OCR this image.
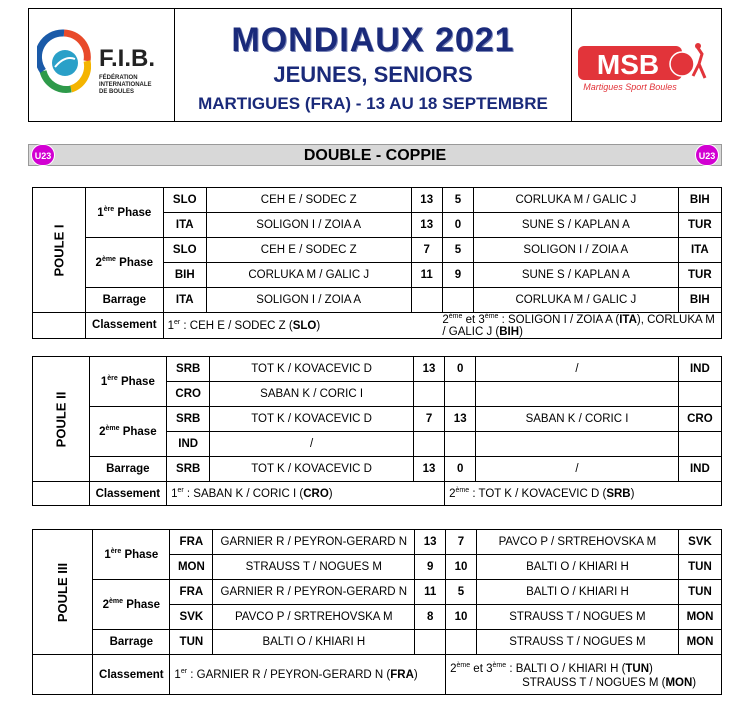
F.I.B.
FÉDÉRATION
INTERNATIONALE
DE BOULES
MONDIAUX 2021
JEUNES, SENIORS
MARTIGUES (FRA) - 13 AU 18 SEPTEMBRE
MSB
Martigues Sport Boules
U23	DOUBLE - COPPIE	U23
POULE I	1ère Phase	SLO	CEH E / SODEC Z	13	5	CORLUKA M / GALIC J	BIH
		ITA	SOLIGON I / ZOIA A	13	0	SUNE S / KAPLAN A	TUR
	2ème Phase	SLO	CEH E / SODEC Z	7	5	SOLIGON I / ZOIA A	ITA
		BIH	CORLUKA M / GALIC J	11	9	SUNE S / KAPLAN A	TUR
	Barrage	ITA	SOLIGON I / ZOIA A			CORLUKA M / GALIC J	BIH
	Classement	1er : CEH E / SODEC Z (SLO)			2ème et 3ème : SOLIGON I / ZOIA A (ITA), CORLUKA M / GALIC J (BIH)		
POULE II	1ère Phase	SRB	TOT K / KOVACEVIC D	13	0	/	IND
		CRO	SABAN K / CORIC I				
	2ème Phase	SRB	TOT K / KOVACEVIC D	7	13	SABAN K / CORIC I	CRO
		IND	/				
	Barrage	SRB	TOT K / KOVACEVIC D	13	0	/	IND
	Classement	1er : SABAN K / CORIC I (CRO)			2ème : TOT K / KOVACEVIC D (SRB)		
POULE III	1ère Phase	FRA	GARNIER R / PEYRON-GERARD N	13	7	PAVCO P / SRTREHOVSKA M	SVK
		MON	STRAUSS T / NOGUES M	9	10	BALTI O / KHIARI H	TUN
	2ème Phase	FRA	GARNIER R / PEYRON-GERARD N	11	5	BALTI O / KHIARI H	TUN
		SVK	PAVCO P / SRTREHOVSKA M	8	10	STRAUSS T / NOGUES M	MON
	Barrage	TUN	BALTI O / KHIARI H			STRAUSS T / NOGUES M	MON
	Classement	1er : GARNIER R / PEYRON-GERARD N (FRA)			2ème et 3ème : BALTI O / KHIARI H (TUN)
STRAUSS T / NOGUES M (MON)		
